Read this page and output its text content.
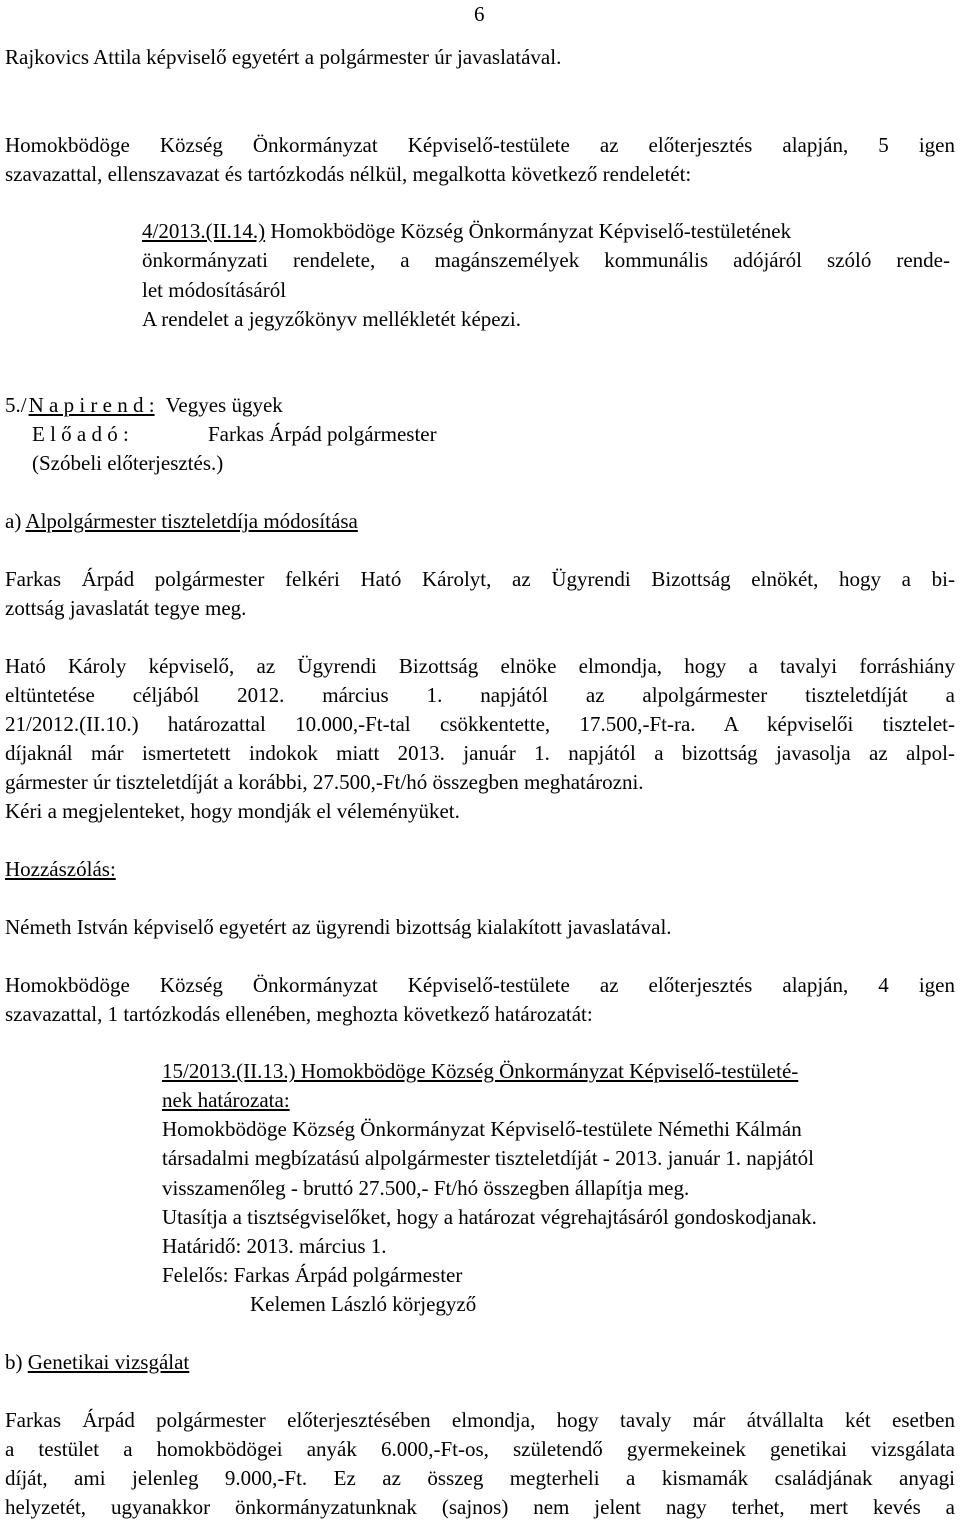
6

Rajkovics Attila képviselő egyetért a polgármester úr javaslatával.

Homokbödöge Község Önkormányzat Képviselő-testülete az előterjesztés alapján, 5 igen

szavazattal, ellenszavazat és tartózkodás nélkül, megalkotta következő rendeletét:

4/2013.(II.14.) Homokbödöge Község Önkormányzat Képviselő-testületének

önkormányzati rendelete, a magánszemélyek kommunális adójáról szóló rende-

let módosításáról

A rendelet a jegyzőkönyv mellékletét képezi.

5./N a p i r e n d : Vegyes ügyek

E l ő a d ó :	Farkas Árpád polgármester

(Szóbeli előterjesztés.)

a) Alpolgármester tiszteletdíja módosítása

Farkas Árpád polgármester felkéri Ható Károlyt, az Ügyrendi Bizottság elnökét, hogy a bi-

zottság javaslatát tegye meg.

Ható Károly képviselő, az Ügyrendi Bizottság elnöke elmondja, hogy a tavalyi forráshiány

eltüntetése céljából 2012. március 1. napjától az alpolgármester tiszteletdíját a

21/2012.(II.10.) határozattal 10.000,-Ft-tal csökkentette, 17.500,-Ft-ra. A képviselői tisztelet-

díjaknál már ismertetett indokok miatt 2013. január 1. napjától a bizottság javasolja az alpol-

gármester úr tiszteletdíját a korábbi, 27.500,-Ft/hó összegben meghatározni.

Kéri a megjelenteket, hogy mondják el véleményüket.

Hozzászólás:

Németh István képviselő egyetért az ügyrendi bizottság kialakított javaslatával.

Homokbödöge Község Önkormányzat Képviselő-testülete az előterjesztés alapján, 4 igen

szavazattal, 1 tartózkodás ellenében, meghozta következő határozatát:

15/2013.(II.13.) Homokbödöge Község Önkormányzat Képviselő-testületé-

nek határozata:

Homokbödöge Község Önkormányzat Képviselő-testülete Némethi Kálmán

társadalmi megbízatású alpolgármester tiszteletdíját - 2013. január 1. napjától

visszamenőleg - bruttó 27.500,- Ft/hó összegben állapítja meg.

Utasítja a tisztségviselőket, hogy a határozat végrehajtásáról gondoskodjanak.

Határidő: 2013. március 1.

Felelős: Farkas Árpád polgármester

Kelemen László körjegyző

b) Genetikai vizsgálat

Farkas Árpád polgármester előterjesztésében elmondja, hogy tavaly már átvállalta két esetben

a testület a homokbödögei anyák 6.000,-Ft-os, születendő gyermekeinek genetikai vizsgálata

díját, ami jelenleg 9.000,-Ft. Ez az összeg megterheli a kismamák családjának anyagi

helyzetét, ugyanakkor önkormányzatunknak (sajnos) nem jelent nagy terhet, mert kevés a
